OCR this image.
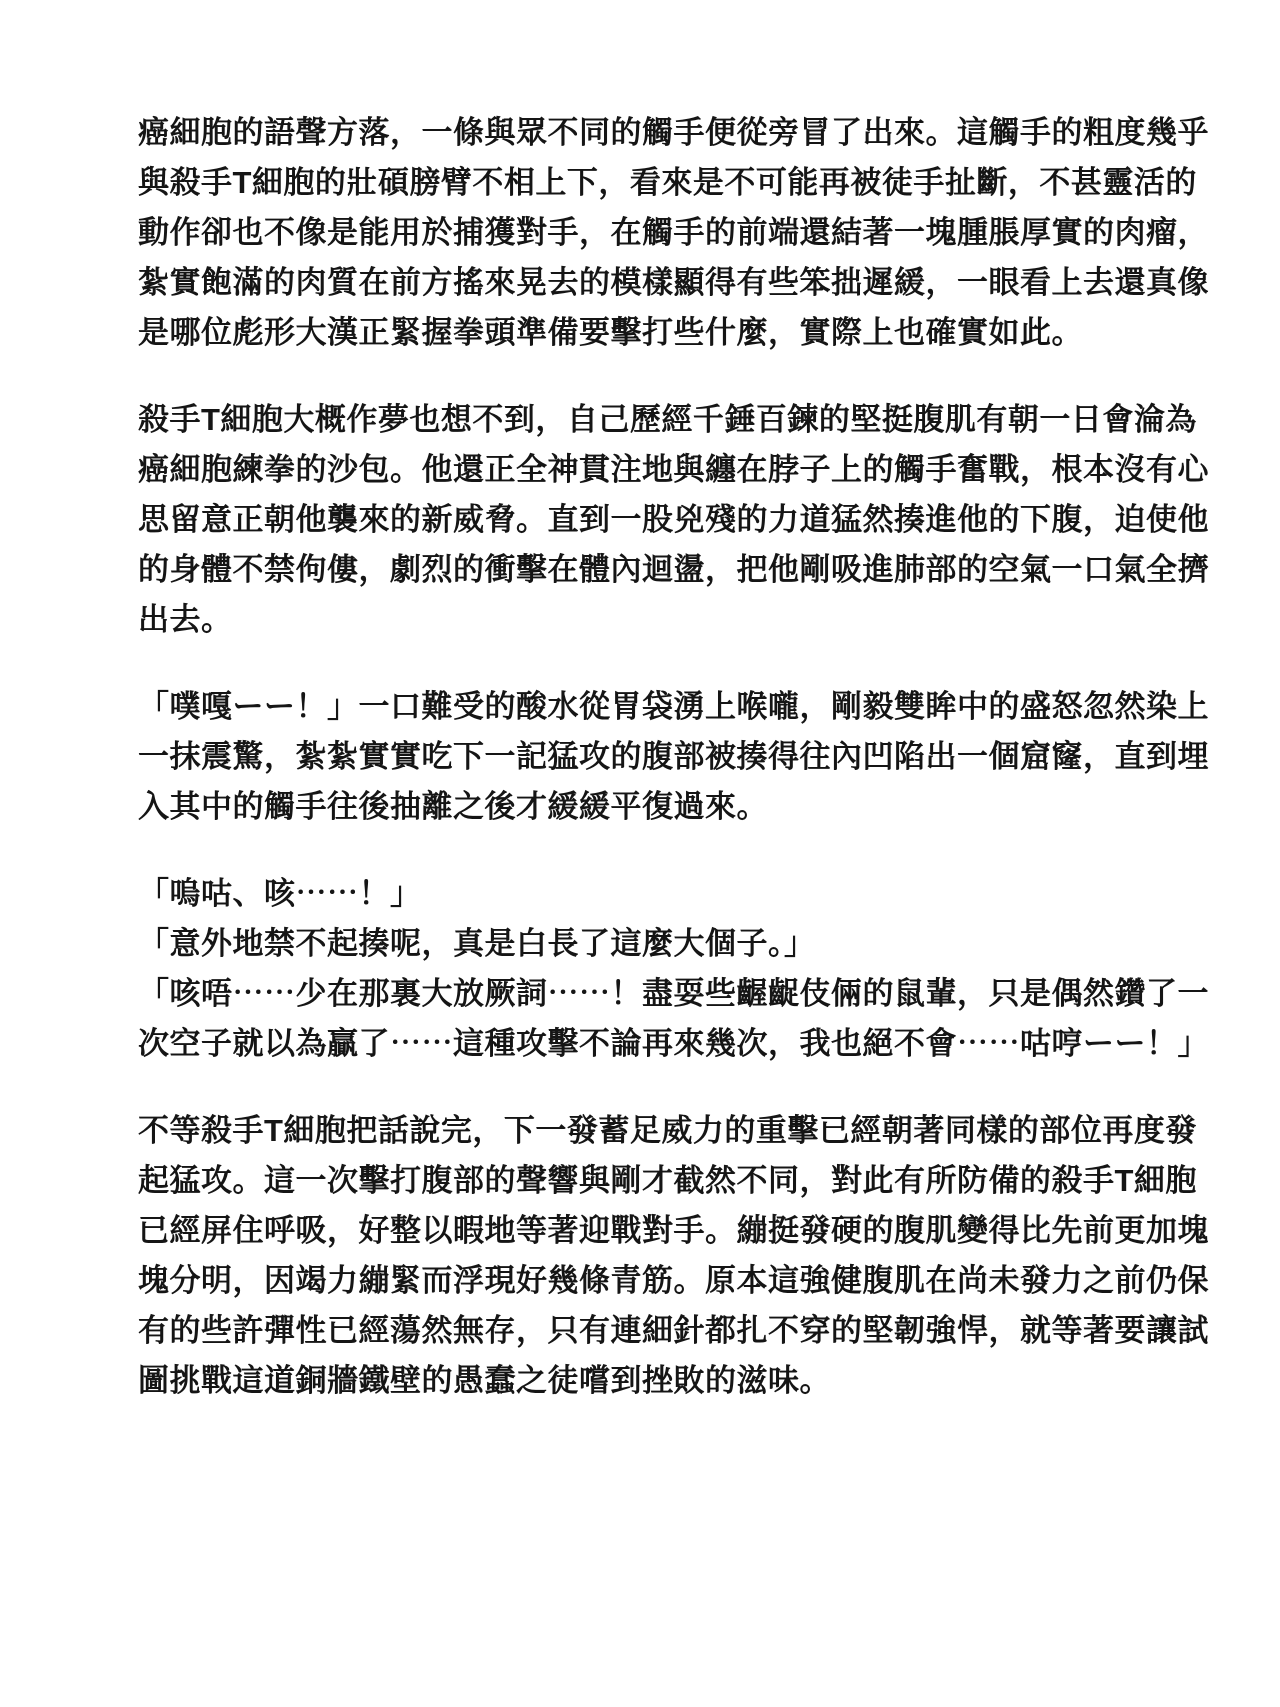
癌細胞的語聲方落，一條與眾不同的觸手便從旁冒了出來。這觸手的粗度幾乎
與殺手T細胞的壯碩膀臂不相上下，看來是不可能再被徒手扯斷，不甚靈活的
動作卻也不像是能用於捕獲對手，在觸手的前端還結著一塊腫脹厚實的肉瘤，
紮實飽滿的肉質在前方搖來晃去的模樣顯得有些笨拙遲緩，一眼看上去還真像
是哪位彪形大漢正緊握拳頭準備要擊打些什麼，實際上也確實如此。
殺手T細胞大概作夢也想不到，自己歷經千錘百鍊的堅挺腹肌有朝一日會淪為
癌細胞練拳的沙包。他還正全神貫注地與纏在脖子上的觸手奮戰，根本沒有心
思留意正朝他襲來的新威脅。直到一股兇殘的力道猛然揍進他的下腹，迫使他
的身體不禁佝僂，劇烈的衝擊在體內迴盪，把他剛吸進肺部的空氣一口氣全擠
出去。
「噗嘎ーー！」一口難受的酸水從胃袋湧上喉嚨，剛毅雙眸中的盛怒忽然染上
一抹震驚，紮紮實實吃下一記猛攻的腹部被揍得往內凹陷出一個窟窿，直到埋
入其中的觸手往後抽離之後才緩緩平復過來。
「嗚咕、咳⋯⋯！」
「意外地禁不起揍呢，真是白長了這麼大個子。」
「咳唔⋯⋯少在那裏大放厥詞⋯⋯！盡耍些齷齪伎倆的鼠輩，只是偶然鑽了一
次空子就以為贏了⋯⋯這種攻擊不論再來幾次，我也絕不會⋯⋯咕哼ーー！」
不等殺手T細胞把話說完，下一發蓄足威力的重擊已經朝著同樣的部位再度發
起猛攻。這一次擊打腹部的聲響與剛才截然不同，對此有所防備的殺手T細胞
已經屏住呼吸，好整以暇地等著迎戰對手。繃挺發硬的腹肌變得比先前更加塊
塊分明，因竭力繃緊而浮現好幾條青筋。原本這強健腹肌在尚未發力之前仍保
有的些許彈性已經蕩然無存，只有連細針都扎不穿的堅韌強悍，就等著要讓試
圖挑戰這道銅牆鐵壁的愚蠢之徒嚐到挫敗的滋味。
